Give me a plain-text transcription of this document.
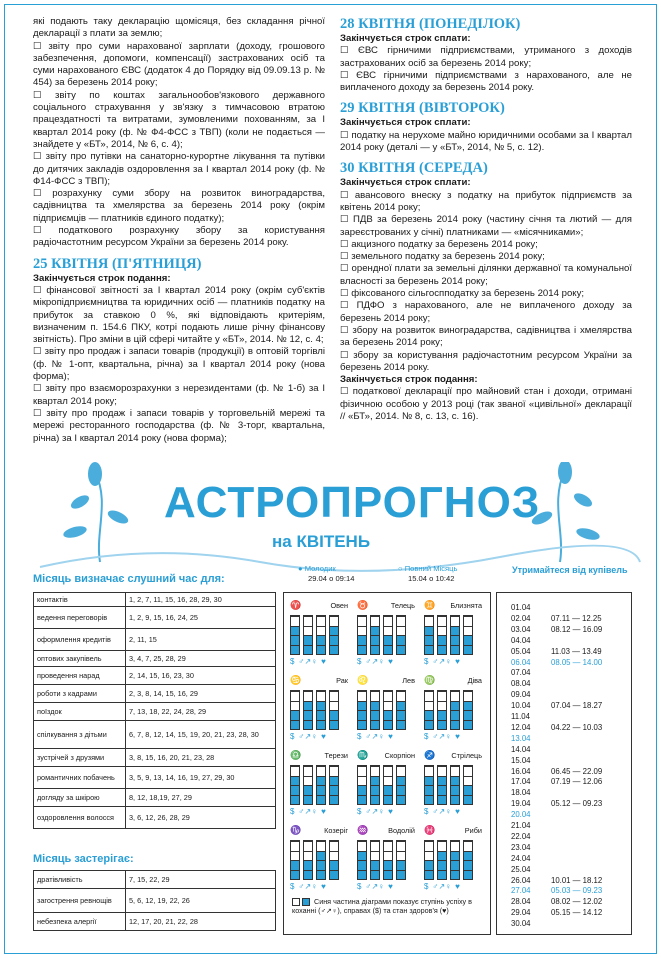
які подають таку декларацію щомісяця, без складання річної декларації з плати за землю;
☐ звіту про суми нарахованої зарплати (доходу, грошового забезпечення, допомоги, компенсації) застрахованих осіб та суми нарахованого ЄВС (додаток 4 до Порядку від 09.09.13 р. № 454) за березень 2014 року;
☐ звіту по коштах загальнообов'язкового державного соціального страхування у зв'язку з тимчасовою втратою працездатності та витратами, зумовленими похованням, за I квартал 2014 року (ф. № Ф4-ФСС з ТВП) (коли не подається — знайдете у «БТ», 2014, № 6, с. 4);
☐ звіту про путівки на санаторно-курортне лікування та путівки до дитячих закладів оздоровлення за I квартал 2014 року (ф. № Ф14-ФСС з ТВП);
☐ розрахунку суми збору на розвиток виноградарства, садівництва та хмелярства за березень 2014 року (окрім підприємців — платників єдиного податку);
☐ податкового розрахунку збору за користування радіочастотним ресурсом України за березень 2014 року.
25 КВІТНЯ (П'ЯТНИЦЯ)
Закінчується строк подання:
☐ фінансової звітності за I квартал 2014 року (окрім суб'єктів мікропідприємництва та юридичних осіб — платників податку на прибуток за ставкою 0 %, які відповідають критеріям, визначеним п. 154.6 ПКУ, котрі подають лише річну фінансову звітність). Про зміни в цій сфері читайте у «БТ», 2014. № 12, с. 4;
☐ звіту про продаж і запаси товарів (продукції) в оптовій торгівлі (ф. № 1-опт, квартальна, річна) за I квартал 2014 року (нова форма);
☐ звіту про взаєморозрахунки з нерезидентами (ф. № 1-б) за I квартал 2014 року;
☐ звіту про продаж і запаси товарів у торговельній мережі та мережі ресторанного господарства (ф. № 3-торг, квартальна, річна) за I квартал 2014 року (нова форма);
28 КВІТНЯ (ПОНЕДІЛОК)
Закінчується строк сплати:
☐ ЄВС гірничими підприємствами, утриманого з доходів застрахованих осіб за березень 2014 року;
☐ ЄВС гірничими підприємствами з нарахованого, але не виплаченого доходу за березень 2014 року.
29 КВІТНЯ (ВІВТОРОК)
Закінчується строк сплати:
☐ податку на нерухоме майно юридичними особами за I квартал 2014 року (деталі — у «БТ», 2014, № 5, с. 12).
30 КВІТНЯ (СЕРЕДА)
Закінчується строк сплати:
☐ авансового внеску з податку на прибуток підприємств за квітень 2014 року;
☐ ПДВ за березень 2014 року (частину січня та лютий — для зареєстрованих у січні) платниками — «місячниками»;
☐ акцизного податку за березень 2014 року;
☐ земельного податку за березень 2014 року;
☐ орендної плати за земельні ділянки державної та комунальної власності за березень 2014 року;
☐ фіксованого сільгоспподатку за березень 2014 року;
☐ ПДФО з нарахованого, але не виплаченого доходу за березень 2014 року;
☐ збору на розвиток виноградарства, садівництва і хмелярства за березень 2014 року;
☐ збору за користування радіочастотним ресурсом України за березень 2014 року.
Закінчується строк подання:
☐ податкової декларації про майновий стан і доходи, отримані фізичною особою у 2013 році (так званої «цивільної» декларації // «БТ», 2014. № 8, с. 13, с. 16).
АСТРОПРОГНОЗ
на КВІТЕНЬ
Місяць визначає слушний час для:
контактів	1, 2, 7, 11, 15, 16, 28, 29, 30
ведення переговорів	1, 2, 9, 15, 16, 24, 25
оформлення кредитів	2, 11, 15
оптових закупівель	3, 4, 7, 25, 28, 29
проведення нарад	2, 14, 15, 16, 23, 30
роботи з кадрами	2, 3, 8, 14, 15, 16, 29
поїздок	7, 13, 18, 22, 24, 28, 29
спілкування з дітьми	6, 7, 8, 12, 14, 15, 19, 20, 21, 23, 28, 30
зустрічей з друзями	3, 8, 15, 16, 20, 21, 23, 28
романтичних побачень	3, 5, 9, 13, 14, 16, 19, 27, 29, 30
догляду за шкірою	8, 12, 18,19, 27, 29
оздоровлення волосся	3, 6, 12, 26, 28, 29
Місяць застерігає:
дратівливість	7, 15, 22, 29
загострення ревнощів	5, 6, 12, 19, 22, 26
небезпека алергії	12, 17, 20, 21, 22, 28
● Молодик
29.04 о 09:14
○ Повний Місяць
15.04 о 10:42
♈	Овен
$ ♂↗♀ ♥
♉	Телець
$ ♂↗♀ ♥
♊ Близнята
$ ♂↗♀ ♥
♋	Рак
$ ♂↗♀ ♥
♌	Лев
$ ♂↗♀ ♥
♍	Діва
$ ♂↗♀ ♥
♎	Терези
$ ♂↗♀ ♥
♏ Скорпіон
$ ♂↗♀ ♥
♐ Стрілець
$ ♂↗♀ ♥
♑	Козеріг
$ ♂↗♀ ♥
♒	Водолій
$ ♂↗♀ ♥
♓	Риби
$ ♂↗♀ ♥
Синя частина діаграми показує ступінь успіху в коханні (♂↗♀), справах ($) та стан здоров'я (♥)
Утримайтеся від купівель
01.04
02.04	07.11 — 12.25
03.04	08.12 — 16.09
04.04
05.04	11.03 — 13.49
06.04	08.05 — 14.00
07.04
08.04
09.04
10.04	07.04 — 18.27
11.04
12.04	04.22 — 10.03
13.04
14.04
15.04
16.04	06.45 — 22.09
17.04	07.19 — 12.06
18.04
19.04	05.12 — 09.23
20.04
21.04
22.04
23.04
24.04
25.04
26.04	10.01 — 18.12
27.04	05.03 — 09.23
28.04	08.02 — 12.02
29.04	05.15 — 14.12
30.04
